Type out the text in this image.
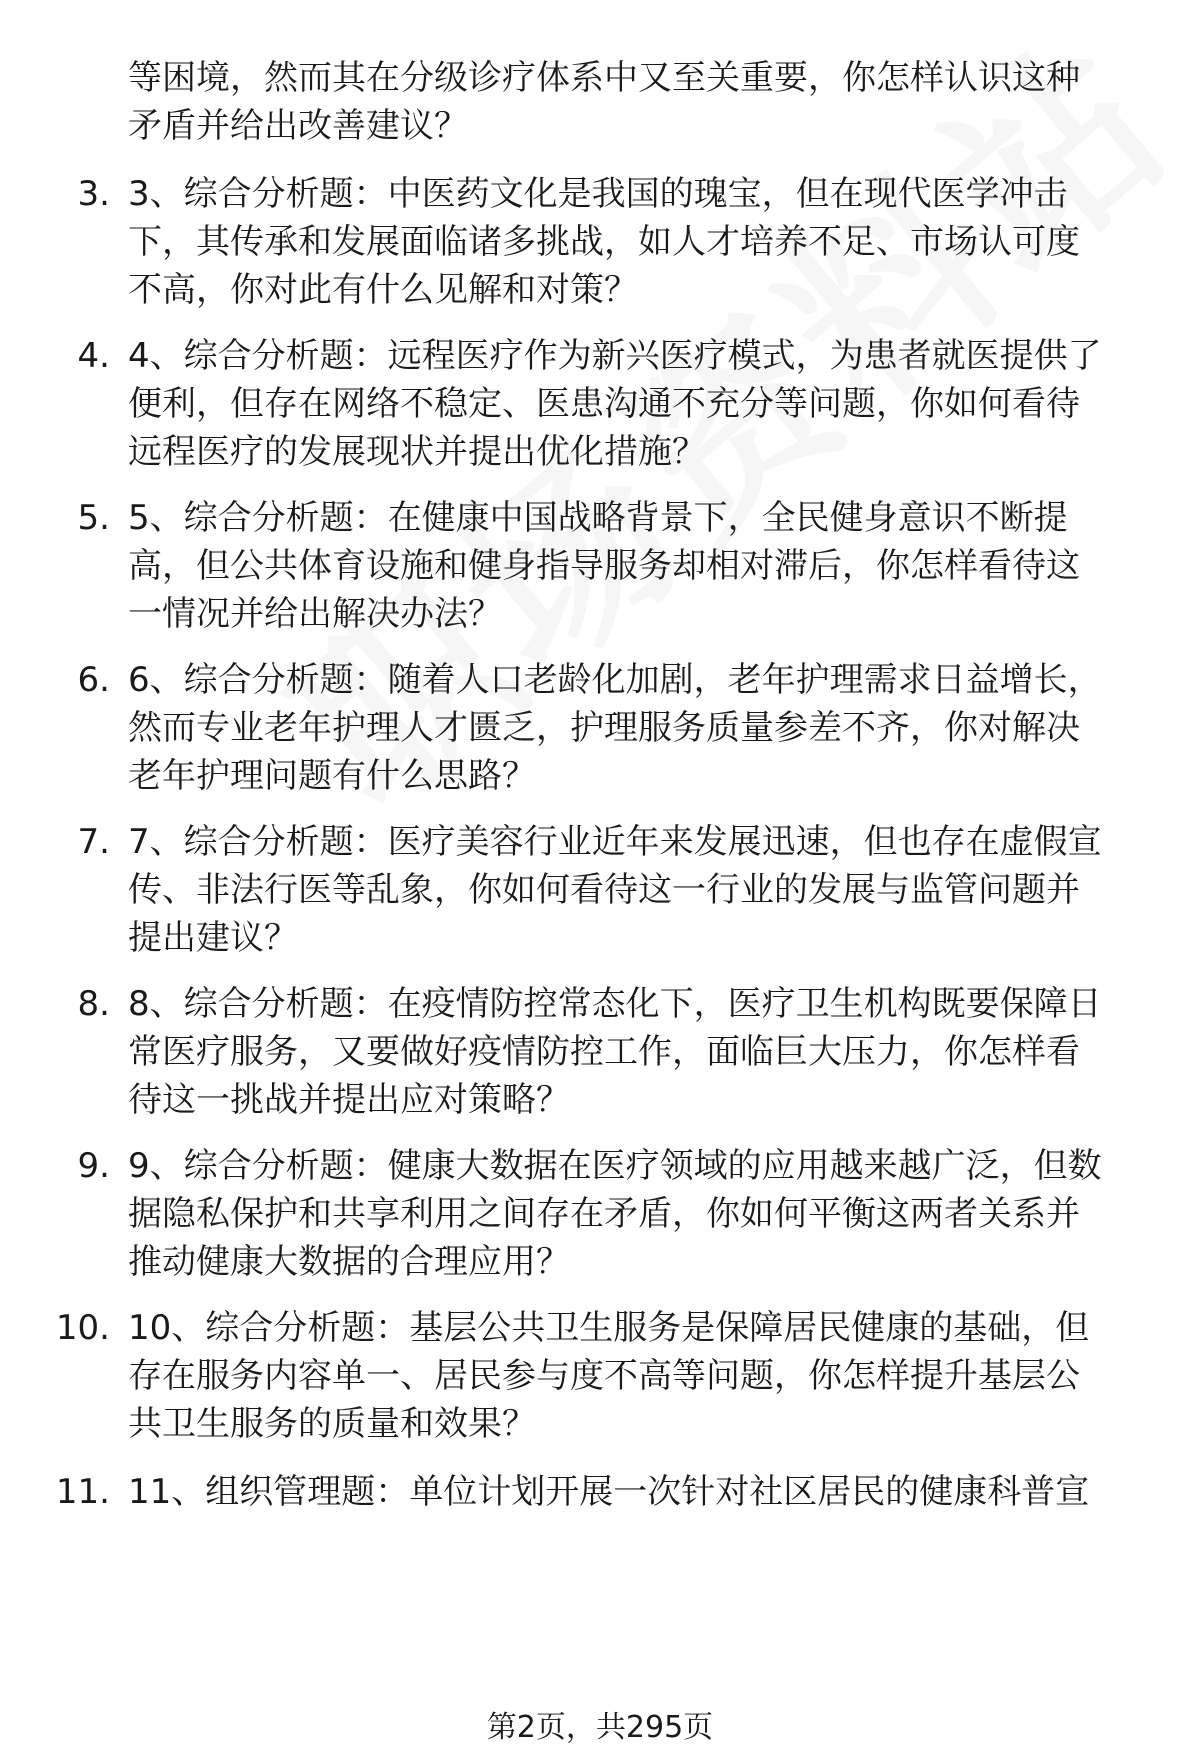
等困境，然而其在分级诊疗体系中又至关重要，你怎样认识这种
矛盾并给出改善建议？
3. 3、综合分析题：中医药文化是我国的瑰宝，但在现代医学冲击
下，其传承和发展面临诸多挑战，如人才培养不足、市场认可度
不高，你对此有什么见解和对策？
4. 4、综合分析题：远程医疗作为新兴医疗模式，为患者就医提供了
便利，但存在网络不稳定、医患沟通不充分等问题，你如何看待
远程医疗的发展现状并提出优化措施？
5. 5、综合分析题：在健康中国战略背景下，全民健身意识不断提
高，但公共体育设施和健身指导服务却相对滞后，你怎样看待这
一情况并给出解决办法？
6. 6、综合分析题：随着人口老龄化加剧，老年护理需求日益增长，
然而专业老年护理人才匮乏，护理服务质量参差不齐，你对解决
老年护理问题有什么思路？
7. 7、综合分析题：医疗美容行业近年来发展迅速，但也存在虚假宣
传、非法行医等乱象，你如何看待这一行业的发展与监管问题并
提出建议？
8. 8、综合分析题：在疫情防控常态化下，医疗卫生机构既要保障日
常医疗服务，又要做好疫情防控工作，面临巨大压力，你怎样看
待这一挑战并提出应对策略？
9. 9、综合分析题：健康大数据在医疗领域的应用越来越广泛，但数
据隐私保护和共享利用之间存在矛盾，你如何平衡这两者关系并
推动健康大数据的合理应用？
10. 10、综合分析题：基层公共卫生服务是保障居民健康的基础，但
存在服务内容单一、居民参与度不高等问题，你怎样提升基层公
共卫生服务的质量和效果？
11. 11、组织管理题：单位计划开展一次针对社区居民的健康科普宣
第2页，共295页
